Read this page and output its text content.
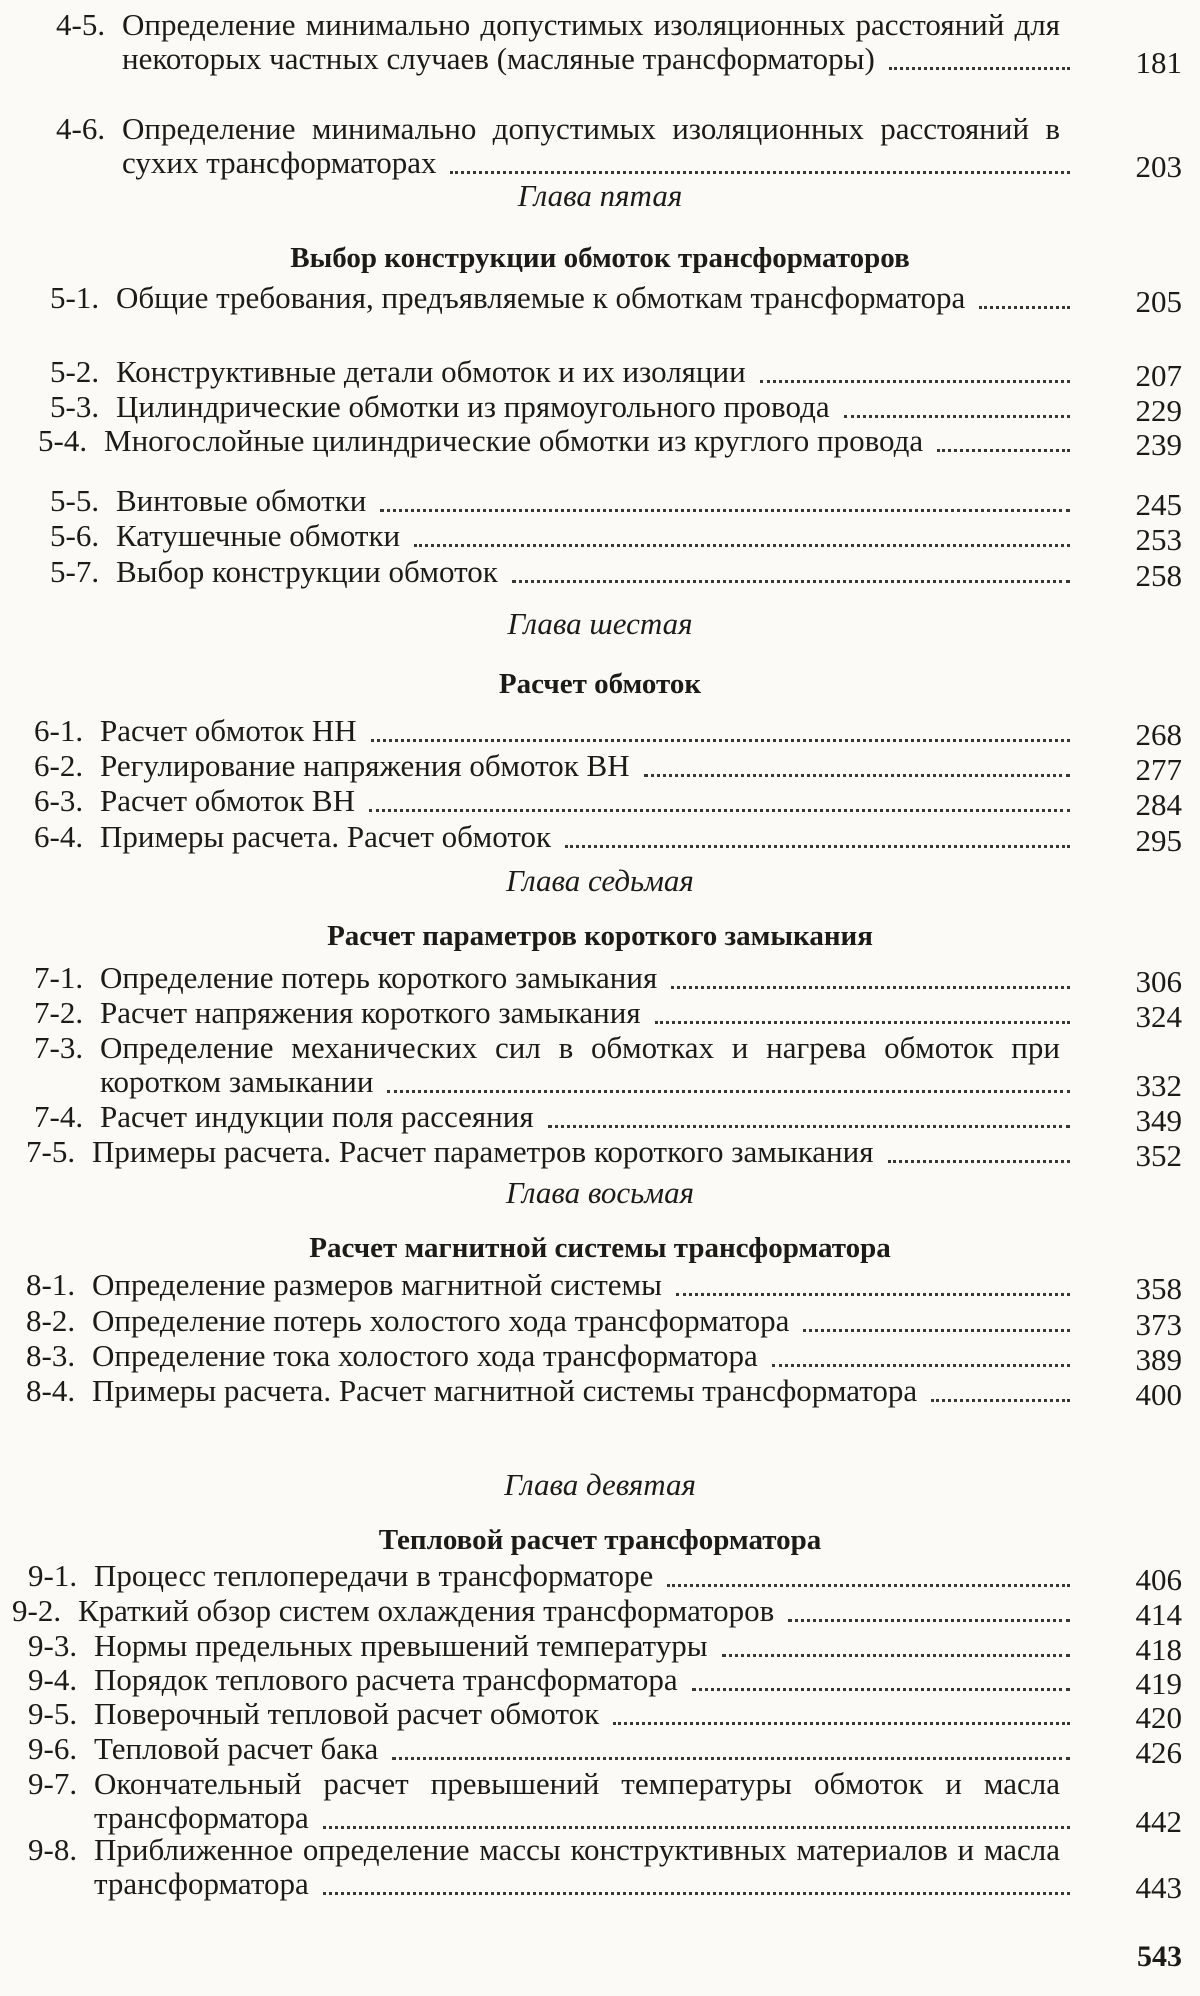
543
4-5. Определение минимально допустимых изоляционных расстояний для некоторых частных случаев (масляные трансформаторы)	181
4-6. Определение минимально допустимых изоляционных расстояний в сухих трансформаторах	203
Глава пятая
Выбор конструкции обмоток трансформаторов
5-1. Общие требования, предъявляемые к обмоткам трансформатора	205
5-2. Конструктивные детали обмоток и их изоляции	207
5-3. Цилиндрические обмотки из прямоугольного провода	229
5-4. Многослойные цилиндрические обмотки из круглого провода	239
5-5. Винтовые обмотки	245
5-6. Катушечные обмотки	253
5-7. Выбор конструкции обмоток	258
Глава шестая
Расчет обмоток
6-1. Расчет обмоток НН	268
6-2. Регулирование напряжения обмоток ВН	277
6-3. Расчет обмоток ВН	284
6-4. Примеры расчета. Расчет обмоток	295
Глава седьмая
Расчет параметров короткого замыкания
7-1. Определение потерь короткого замыкания	306
7-2. Расчет напряжения короткого замыкания	324
7-3. Определение механических сил в обмотках и нагрева обмоток при коротком замыкании	332
7-4. Расчет индукции поля рассеяния	349
7-5. Примеры расчета. Расчет параметров короткого замыкания	352
Глава восьмая
Расчет магнитной системы трансформатора
8-1. Определение размеров магнитной системы	358
8-2. Определение потерь холостого хода трансформатора	373
8-3. Определение тока холостого хода трансформатора	389
8-4. Примеры расчета. Расчет магнитной системы трансформатора	400
Глава девятая
Тепловой расчет трансформатора
9-1. Процесс теплопередачи в трансформаторе	406
9-2. Краткий обзор систем охлаждения трансформаторов	414
9-3. Нормы предельных превышений температуры	418
9-4. Порядок теплового расчета трансформатора	419
9-5. Поверочный тепловой расчет обмоток	420
9-6. Тепловой расчет бака	426
9-7. Окончательный расчет превышений температуры обмоток и масла трансформатора	442
9-8. Приближенное определение массы конструктивных материалов и масла трансформатора	443
